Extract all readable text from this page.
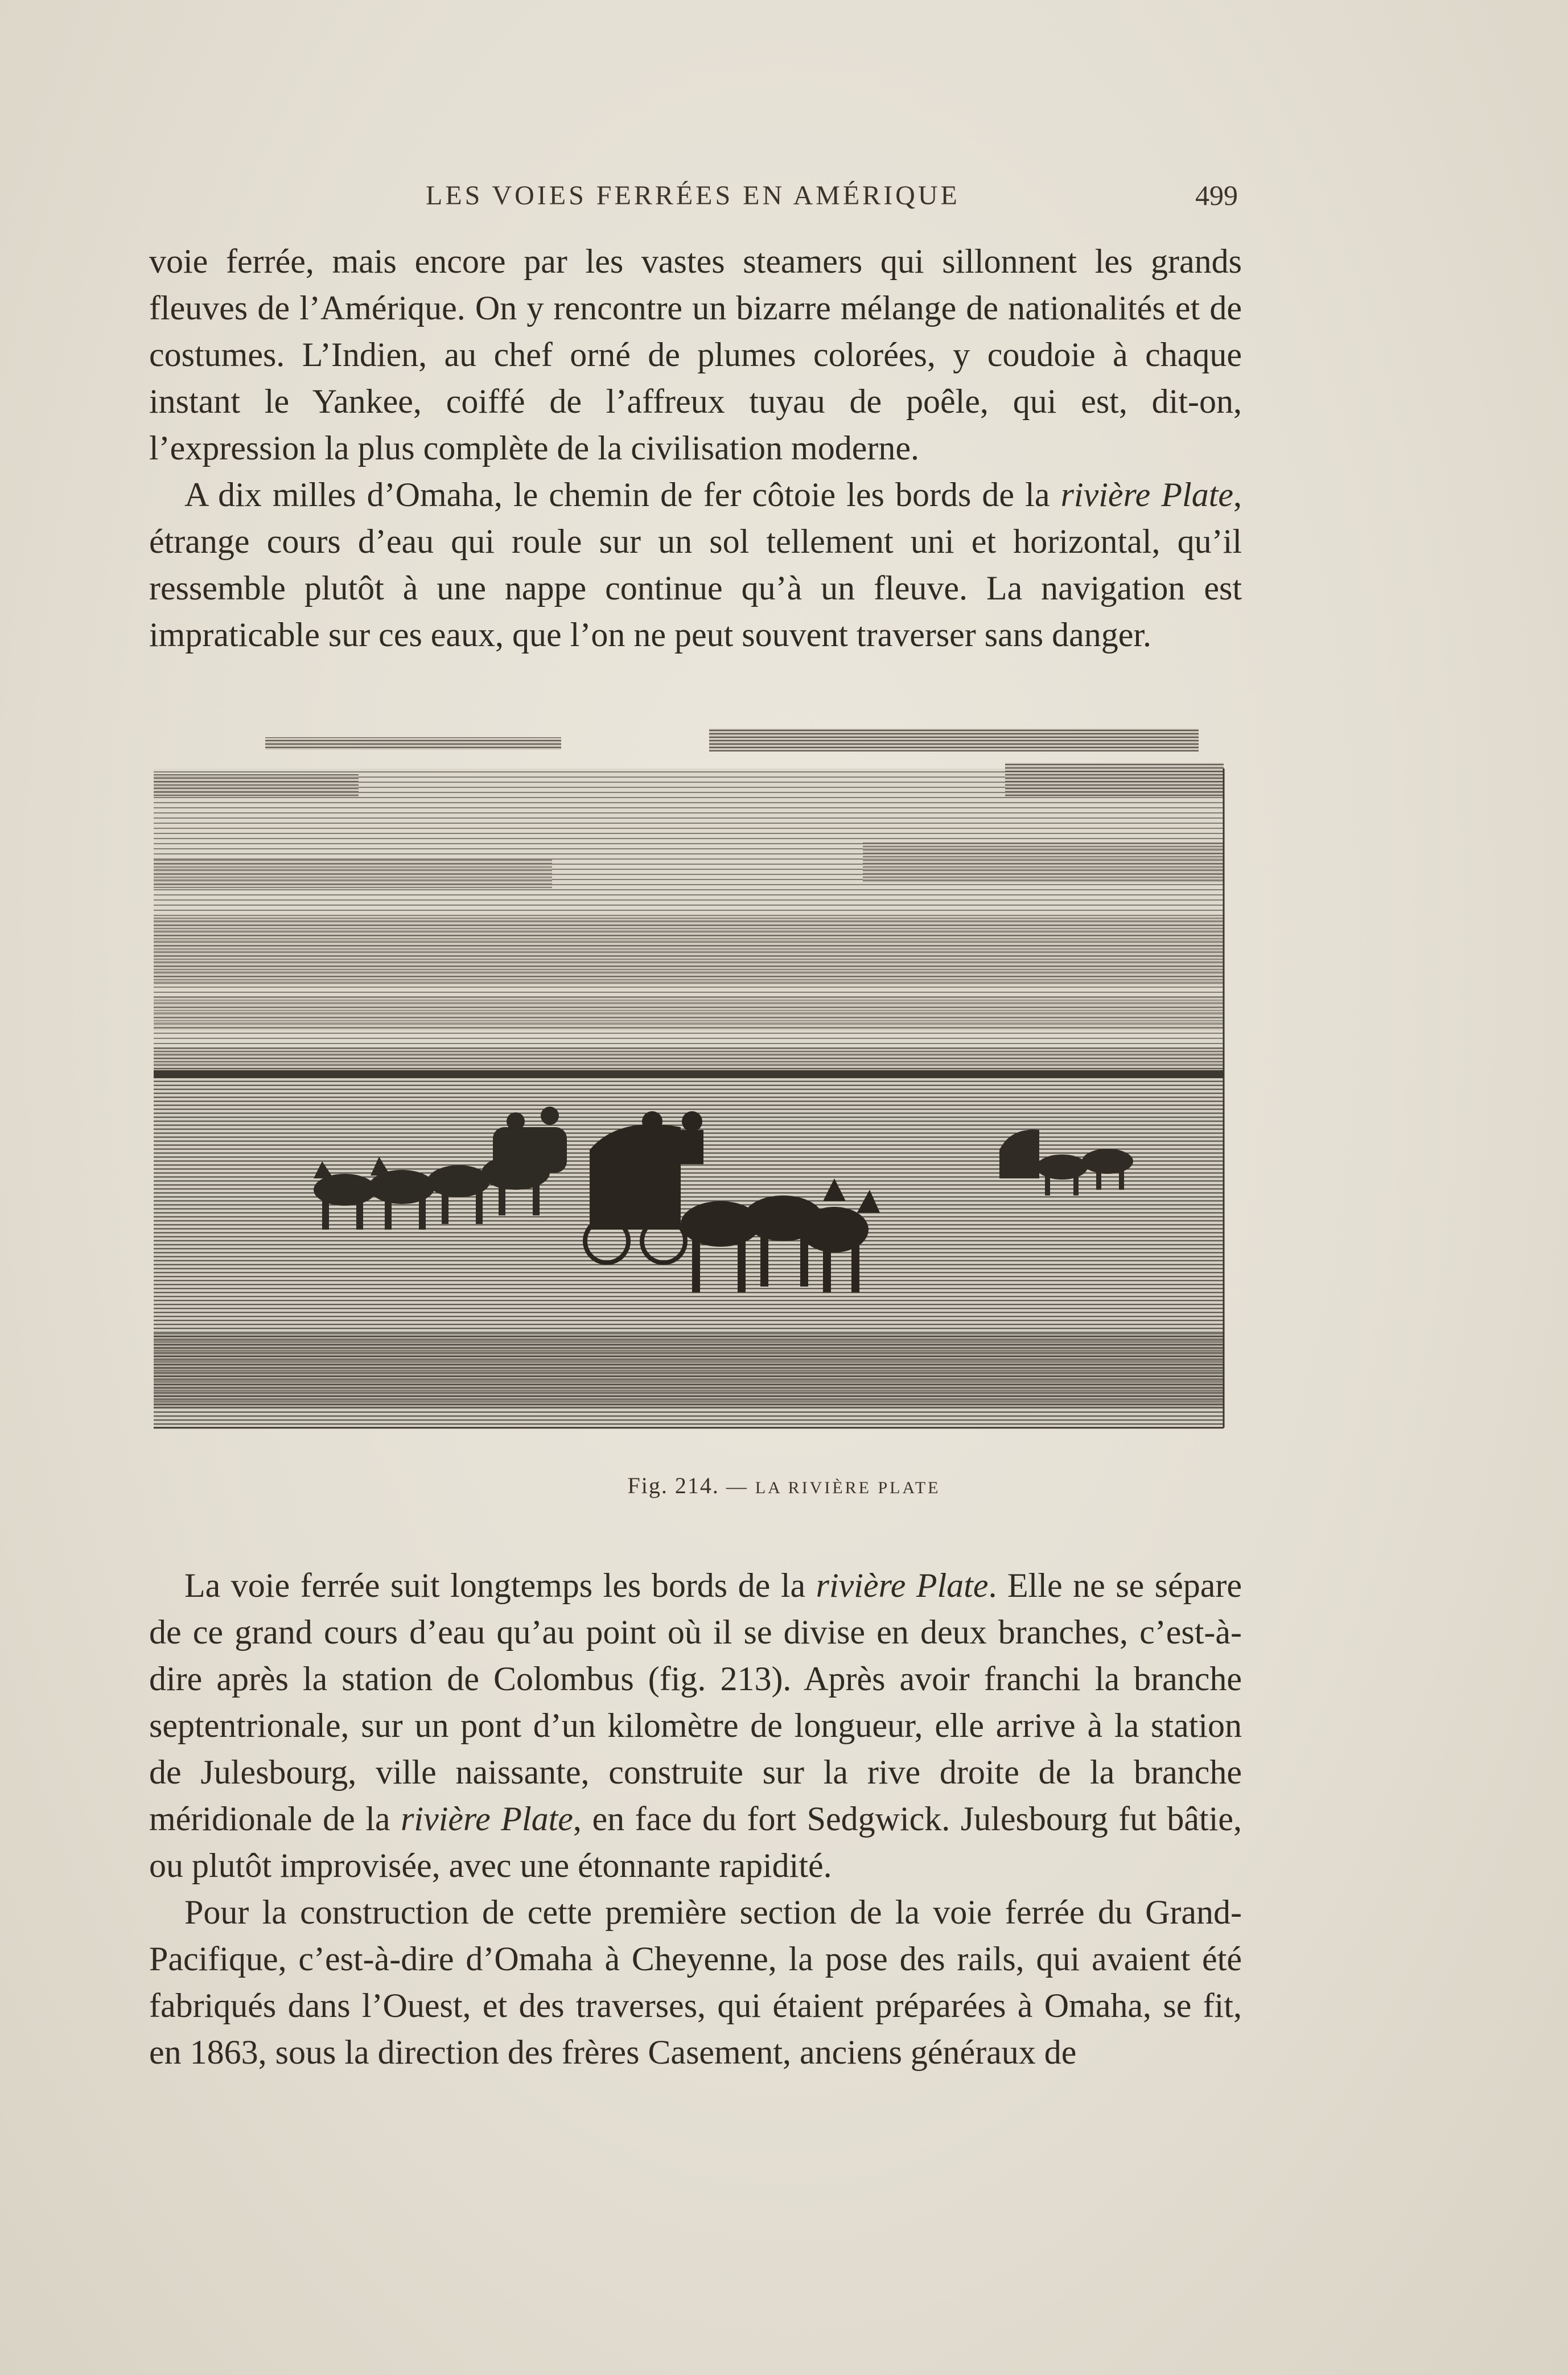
LES VOIES FERRÉES EN AMÉRIQUE	499

voie ferrée, mais encore par les vastes steamers qui sillonnent les grands fleuves de l’Amérique. On y rencontre un bizarre mélange de nationalités et de costumes. L’Indien, au chef orné de plumes colorées, y coudoie à chaque instant le Yankee, coiffé de l’affreux tuyau de poêle, qui est, dit-on, l’expression la plus complète de la civilisation moderne.

A dix milles d’Omaha, le chemin de fer côtoie les bords de la rivière Plate, étrange cours d’eau qui roule sur un sol tellement uni et horizontal, qu’il ressemble plutôt à une nappe continue qu’à un fleuve. La navigation est impraticable sur ces eaux, que l’on ne peut souvent traverser sans danger.

Fig. 214. — LA RIVIÈRE PLATE

La voie ferrée suit longtemps les bords de la rivière Plate. Elle ne se sépare de ce grand cours d’eau qu’au point où il se divise en deux branches, c’est-à-dire après la station de Colombus (fig. 213). Après avoir franchi la branche septentrionale, sur un pont d’un kilomètre de longueur, elle arrive à la station de Julesbourg, ville naissante, construite sur la rive droite de la branche méridionale de la rivière Plate, en face du fort Sedgwick. Julesbourg fut bâtie, ou plutôt improvisée, avec une étonnante rapidité.

Pour la construction de cette première section de la voie ferrée du Grand-Pacifique, c’est-à-dire d’Omaha à Cheyenne, la pose des rails, qui avaient été fabriqués dans l’Ouest, et des traverses, qui étaient préparées à Omaha, se fit, en 1863, sous la direction des frères Casement, anciens généraux de
